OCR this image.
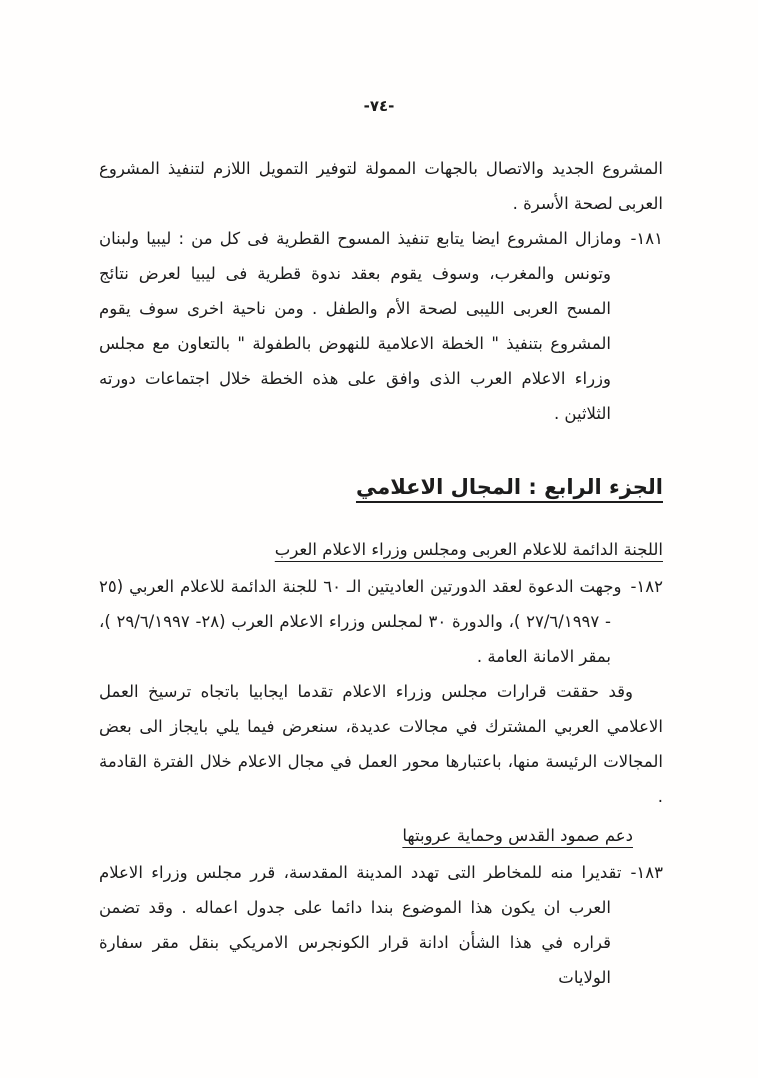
-٧٤-

المشروع الجديد والاتصال بالجهات الممولة لتوفير التمويل اللازم لتنفيذ المشروع العربى لصحة الأسرة .

١٨١-ومازال المشروع ايضا يتابع تنفيذ المسوح القطرية فى كل من : ليبيا ولبنان وتونس والمغرب، وسوف يقوم بعقد ندوة قطرية فى ليبيا لعرض نتائج المسح العربى الليبى لصحة الأم والطفل . ومن ناحية اخرى سوف يقوم المشروع بتنفيذ " الخطة الاعلامية للنهوض بالطفولة " بالتعاون مع مجلس وزراء الاعلام العرب الذى وافق على هذه الخطة خلال اجتماعات دورته الثلاثين .

الجزء الرابع : المجال الاعلامي
اللجنة الدائمة للاعلام العربى ومجلس وزراء الاعلام العرب

١٨٢-وجهت الدعوة لعقد الدورتين العاديتين الـ ٦٠ للجنة الدائمة للاعلام العربي (٢٥ - ٢٧/٦/١٩٩٧ )، والدورة ٣٠ لمجلس وزراء الاعلام العرب (٢٨- ٢٩/٦/١٩٩٧ )، بمقر الامانة العامة .

وقد حققت قرارات مجلس وزراء الاعلام تقدما ايجابيا باتجاه ترسيخ العمل الاعلامي العربي المشترك في مجالات عديدة، سنعرض فيما يلي بايجاز الى بعض المجالات الرئيسة منها، باعتبارها محور العمل في مجال الاعلام خلال الفترة القادمة .

دعم صمود القدس وحماية عروبتها

١٨٣-تقديرا منه للمخاطر التى تهدد المدينة المقدسة، قرر مجلس وزراء الاعلام العرب ان يكون هذا الموضوع بندا دائما على جدول اعماله . وقد تضمن قراره في هذا الشأن ادانة قرار الكونجرس الامريكي بنقل مقر سفارة الولايات
